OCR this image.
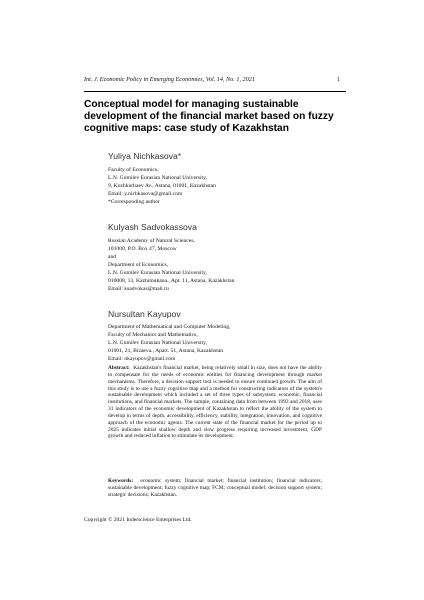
Int. J. Economic Policy in Emerging Economies, Vol. 14, No. 1, 2021	1
Conceptual model for managing sustainable development of the financial market based on fuzzy cognitive maps: case study of Kazakhstan
Yuliya Nichkasova*
Faculty of Economics,
L.N. Gumilev Eurasian National University,
9, Kozhkurbaev Av., Astana, 01001, Kazakhstan
Email: y.nichkasova@gmail.com
*Corresponding author
Kulyash Sadvokassova
Russian Academy of Natural Sciences,
101000, P.O. Box 47, Moscow
and
Department of Economics,
L.N. Gumilev Eurasian National University,
010008, 13, Kazhimukana., Apt. 11, Astana, Kazakhstan
Email: ksadvokas@mail.ru
Nursultan Kayupov
Department of Mathematical and Computer Modeling,
Faculty of Mechanics and Mathematics,
L.N. Gumilev Eurasian National University,
01001, 21, Bizaeva., Apart. 51, Astana, Kazakhstan
Email: nkayupov@gmail.com
Abstract: Kazakhstan's financial market, being relatively small in size, does not have the ability to compensate for the needs of economic entities for financing development through market mechanisms. Therefore, a decision support tool is needed to ensure continued growth. The aim of this study is to use a fuzzy cognitive map and a method for constructing indicators of the system's sustainable development which included a set of three types of subsystem: economic, financial institutions, and financial markets. The sample, containing data from between 1993 and 2018, uses 31 indicators of the economic development of Kazakhstan to reflect the ability of the system to develop in terms of depth, accessibility, efficiency, stability, integration, innovation, and cognitive approach of the economic agents. The current state of the financial market for the period up to 2025 indicates initial shallow depth and slow progress requiring increased investment, GDP growth and reduced inflation to stimulate its development.
Keywords: economic system; financial market; financial institution; financial indicators; sustainable development; fuzzy cognitive map; FCM; conceptual model; decision support system; strategic decisions; Kazakhstan.
Copyright © 2021 Inderscience Enterprises Ltd.
